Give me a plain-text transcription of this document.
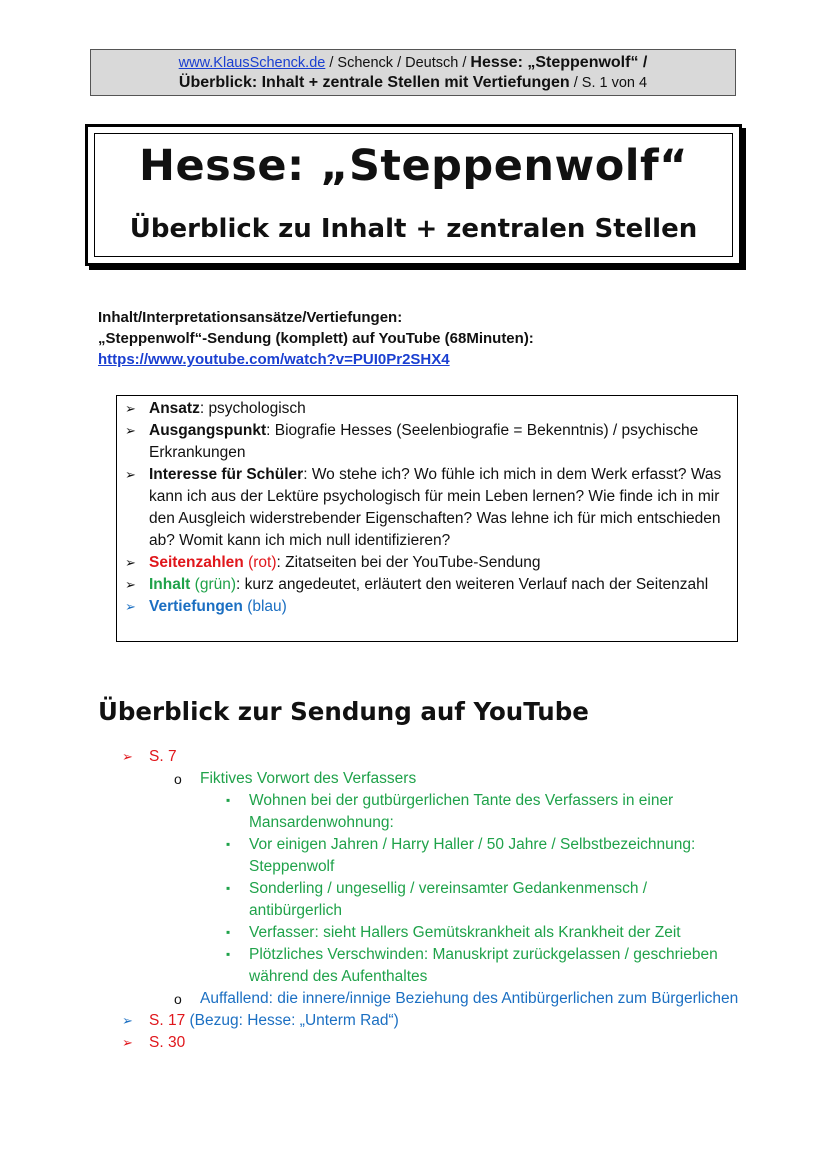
www.KlausSchenck.de / Schenck / Deutsch / Hesse: „Steppenwolf“ /
Überblick: Inhalt + zentrale Stellen mit Vertiefungen / S. 1 von 4
Hesse: „Steppenwolf“
Überblick zu Inhalt + zentralen Stellen
Inhalt/Interpretationsansätze/Vertiefungen:
„Steppenwolf“-Sendung (komplett) auf YouTube (68Minuten):
https://www.youtube.com/watch?v=PUI0Pr2SHX4
➢ Ansatz: psychologisch
➢ Ausgangspunkt: Biografie Hesses (Seelenbiografie = Bekenntnis) / psychische Erkrankungen
➢ Interesse für Schüler: Wo stehe ich? Wo fühle ich mich in dem Werk erfasst? Was kann ich aus der Lektüre psychologisch für mein Leben lernen? Wie finde ich in mir den Ausgleich widerstrebender Eigenschaften? Was lehne ich für mich entschieden ab? Womit kann ich mich null identifizieren?
➢ Seitenzahlen (rot): Zitatseiten bei der YouTube-Sendung
➢ Inhalt (grün): kurz angedeutet, erläutert den weiteren Verlauf nach der Seitenzahl
➢ Vertiefungen (blau)
Überblick zur Sendung auf YouTube
➢ S. 7
o Fiktives Vorwort des Verfassers
▪ Wohnen bei der gutbürgerlichen Tante des Verfassers in einer Mansardenwohnung:
▪ Vor einigen Jahren / Harry Haller / 50 Jahre / Selbstbezeichnung: Steppenwolf
▪ Sonderling / ungesellig / vereinsamter Gedankenmensch / antibürgerlich
▪ Verfasser: sieht Hallers Gemütskrankheit als Krankheit der Zeit
▪ Plötzliches Verschwinden: Manuskript zurückgelassen / geschrieben während des Aufenthaltes
o Auffallend: die innere/innige Beziehung des Antibürgerlichen zum Bürgerlichen
➢ S. 17 (Bezug: Hesse: „Unterm Rad“)
➢ S. 30
